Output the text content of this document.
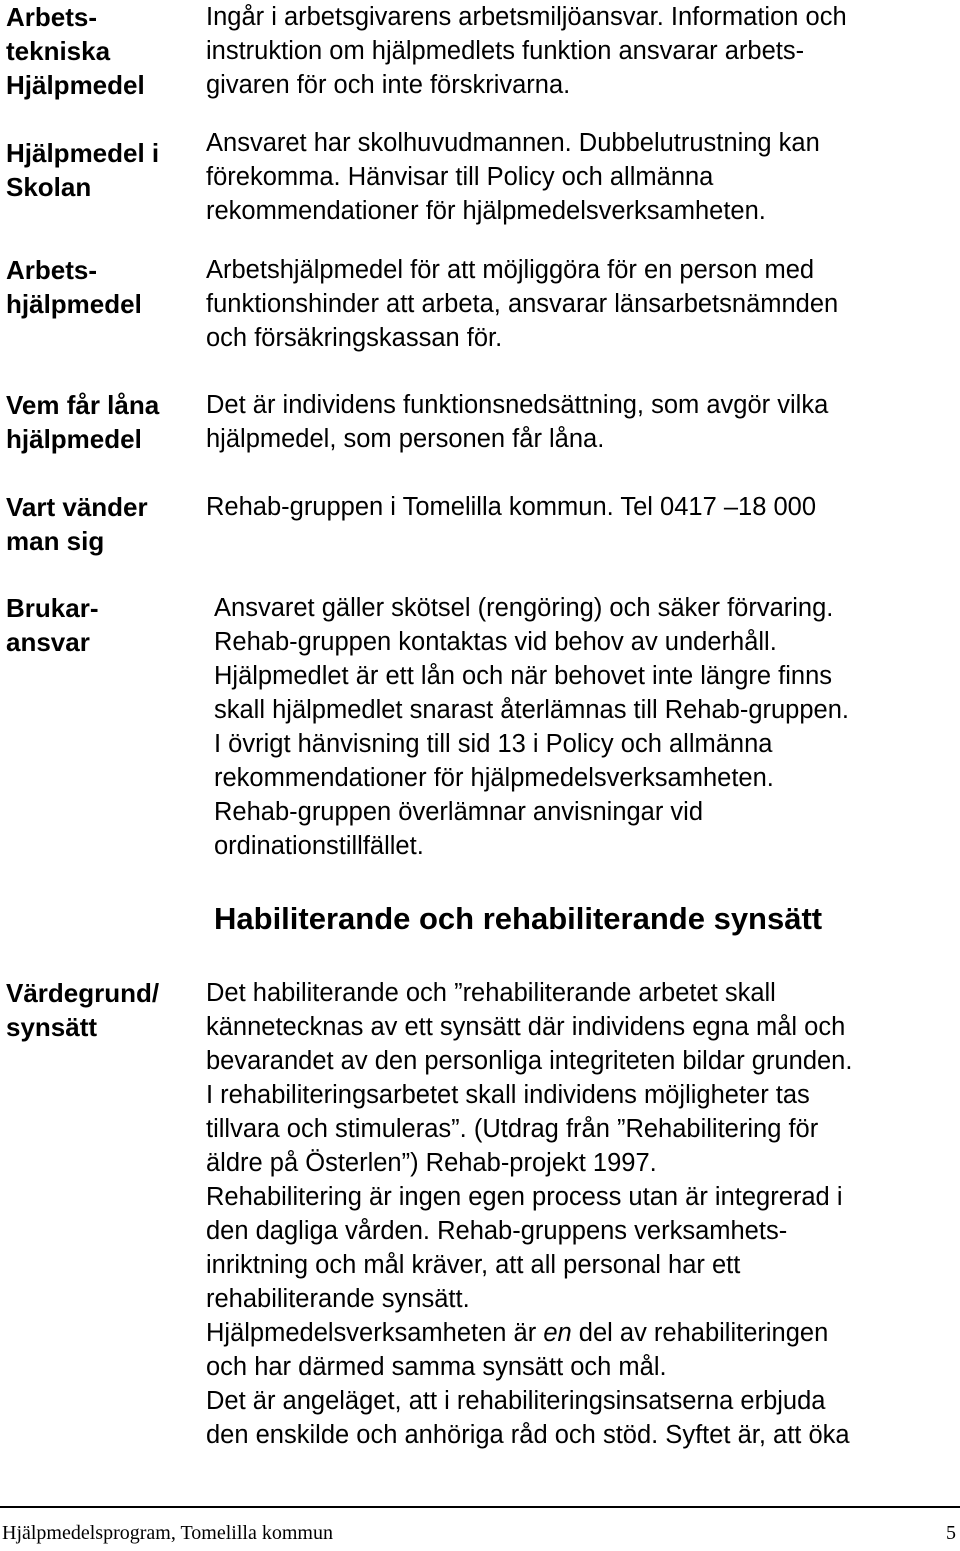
Arbets-
tekniska
Hjälpmedel
Ingår i arbetsgivarens arbetsmiljöansvar. Information och
instruktion om hjälpmedlets funktion ansvarar arbets-
givaren för och inte förskrivarna.
Hjälpmedel i
Skolan
Ansvaret har skolhuvudmannen. Dubbelutrustning kan
förekomma. Hänvisar till Policy och allmänna
rekommendationer för hjälpmedelsverksamheten.
Arbets-
hjälpmedel
Arbetshjälpmedel för att möjliggöra för en person med
funktionshinder att arbeta, ansvarar länsarbetsnämnden
och försäkringskassan för.
Vem får låna
hjälpmedel
Det är individens funktionsnedsättning, som avgör vilka
hjälpmedel, som personen får låna.
Vart vänder
man sig
Rehab-gruppen i Tomelilla kommun. Tel 0417 –18 000
Brukar-
ansvar
Ansvaret gäller skötsel (rengöring) och säker förvaring.
Rehab-gruppen kontaktas vid behov av underhåll.
Hjälpmedlet är ett lån och när behovet inte längre finns
skall hjälpmedlet snarast återlämnas till Rehab-gruppen.
I övrigt hänvisning till sid 13 i Policy och allmänna
rekommendationer för hjälpmedelsverksamheten.
Rehab-gruppen överlämnar anvisningar vid
ordinationstillfället.
Habiliterande och rehabiliterande synsätt
Värdegrund/
synsätt
Det habiliterande och ”rehabiliterande arbetet skall
kännetecknas av ett synsätt där individens egna mål och
bevarandet av den personliga integriteten bildar grunden.
I rehabiliteringsarbetet skall individens möjligheter tas
tillvara och stimuleras”. (Utdrag från ”Rehabilitering för
äldre på Österlen”) Rehab-projekt 1997.
Rehabilitering är ingen egen process utan är integrerad i
den dagliga vården. Rehab-gruppens verksamhets-
inriktning och mål kräver, att all personal har ett
rehabiliterande synsätt.
Hjälpmedelsverksamheten är en del av rehabiliteringen
och har därmed samma synsätt och mål.
Det är angeläget, att i rehabiliteringsinsatserna erbjuda
den enskilde och anhöriga råd och stöd. Syftet är, att öka
Hjälpmedelsprogram, Tomelilla kommun	5
